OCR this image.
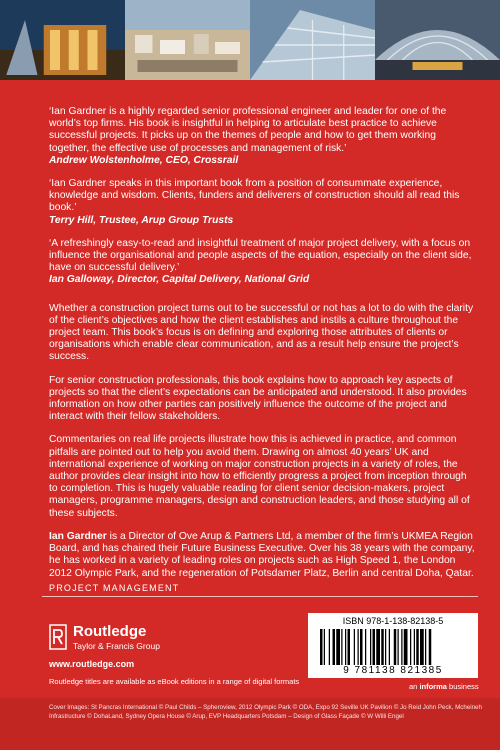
‘Ian Gardner is a highly regarded senior professional engineer and leader for one of the world’s top firms. His book is insightful in helping to articulate best practice to achieve successful projects. It picks up on the themes of people and how to get them working together, the effective use of processes and management of risk.’
Andrew Wolstenholme, CEO, Crossrail
‘Ian Gardner speaks in this important book from a position of consummate experience, knowledge and wisdom. Clients, funders and deliverers of construction should all read this book.’
Terry Hill, Trustee, Arup Group Trusts
‘A refreshingly easy-to-read and insightful treatment of major project delivery, with a focus on influence the organisational and people aspects of the equation, especially on the client side, have on successful delivery.’
Ian Galloway, Director, Capital Delivery, National Grid

Whether a construction project turns out to be successful or not has a lot to do with the clarity of the client’s objectives and how the client establishes and instils a culture throughout the project team. This book’s focus is on defining and exploring those attributes of clients or organisations which enable clear communication, and as a result help ensure the project’s success.

For senior construction professionals, this book explains how to approach key aspects of projects so that the client’s expectations can be anticipated and understood. It also provides information on how other parties can positively influence the outcome of the project and interact with their fellow stakeholders.

Commentaries on real life projects illustrate how this is achieved in practice, and common pitfalls are pointed out to help you avoid them. Drawing on almost 40 years’ UK and international experience of working on major construction projects in a variety of roles, the author provides clear insight into how to efficiently progress a project from inception through to completion. This is hugely valuable reading for client senior decision-makers, project managers, programme managers, design and construction leaders, and those studying all of these subjects.

Ian Gardner is a Director of Ove Arup & Partners Ltd, a member of the firm’s UKMEA Region Board, and has chaired their Future Business Executive. Over his 38 years with the company, he has worked in a variety of leading roles on projects such as High Speed 1, the London 2012 Olympic Park, and the regeneration of Potsdamer Platz, Berlin and central Doha, Qatar.

PROJECT MANAGEMENT
Routledge
Taylor & Francis Group
www.routledge.com
Routledge titles are available as eBook editions in a range of digital formats
ISBN 978-1-138-82138-5
9 781138 821385
an informa business

Cover Images: St Pancras International © Paul Childs – Spheroview, 2012 Olympic Park © ODA, Expo 92 Seville UK Pavilion © Jo Reid John Peck, Mcheineh Infrastructure © DohaLand, Sydney Opera House © Arup, EVP Headquarters Potsdam – Design of Glass Façade © W Willi Engel
